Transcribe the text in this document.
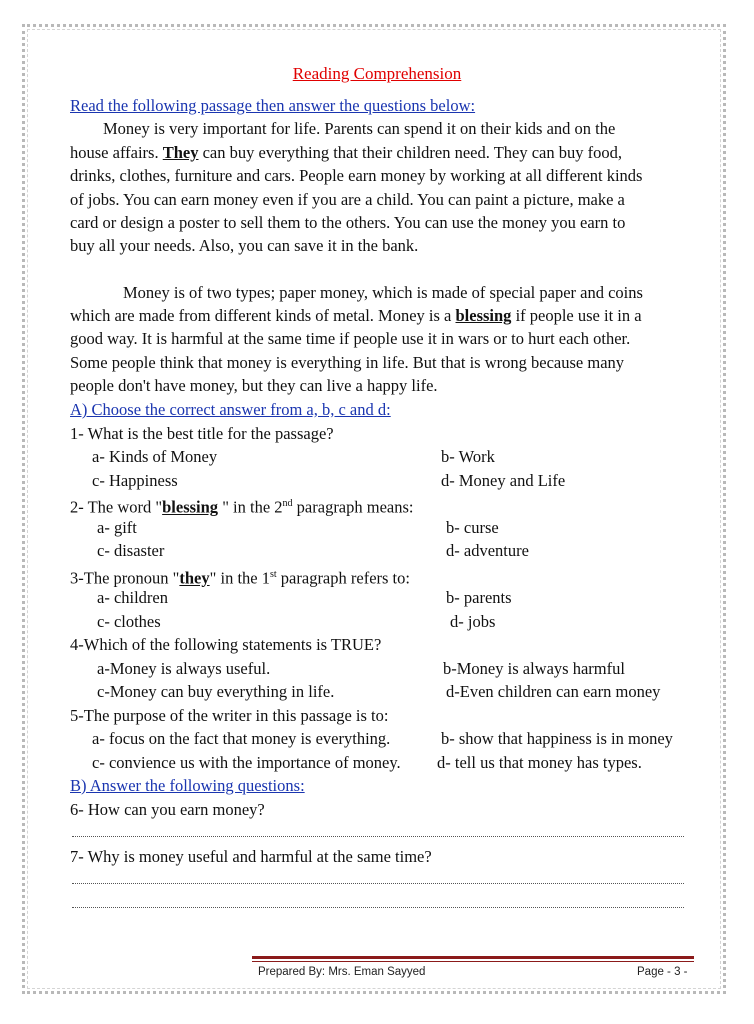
Reading Comprehension
Read the following passage then answer the questions below:
Money is very important for life. Parents can spend it on their kids and on the
house affairs. They can buy everything that their children need. They can buy food,
drinks, clothes, furniture and cars. People earn money by working at all different kinds
of jobs. You can earn money even if you are a child. You can paint a picture, make a
card or design a poster to sell them to the others. You can use the money you earn to
buy all your needs. Also, you can save it in the bank.
Money is of two types; paper money, which is made of special paper and coins
which are made from different kinds of metal. Money is a blessing if people use it in a
good way. It is harmful at the same time if people use it in wars or to hurt each other.
Some people think that money is everything in life. But that is wrong because many
people don't have money, but they can live a happy life.
A) Choose the correct answer from a, b, c and d:
1- What is the best title for the passage?
a- Kinds of Money	b- Work
c- Happiness	d- Money and Life
2- The word "blessing " in the 2nd paragraph means:
a- gift	b- curse
c- disaster	d- adventure
3-The pronoun "they" in the 1st paragraph refers to:
a- children	b- parents
c- clothes	d- jobs
4-Which of the following statements is TRUE?
a-Money is always useful.	b-Money is always harmful
c-Money can buy everything in life.	d-Even children can earn money
5-The purpose of the writer in this passage is to:
a- focus on the fact that money is everything.	b- show that happiness is in money
c- convience us with the importance of money. d- tell us that money has types.
B) Answer the following questions:
6- How can you earn money?
7- Why is money useful and harmful at the same time?
Prepared By: Mrs. Eman Sayyed	Page - 3 -
